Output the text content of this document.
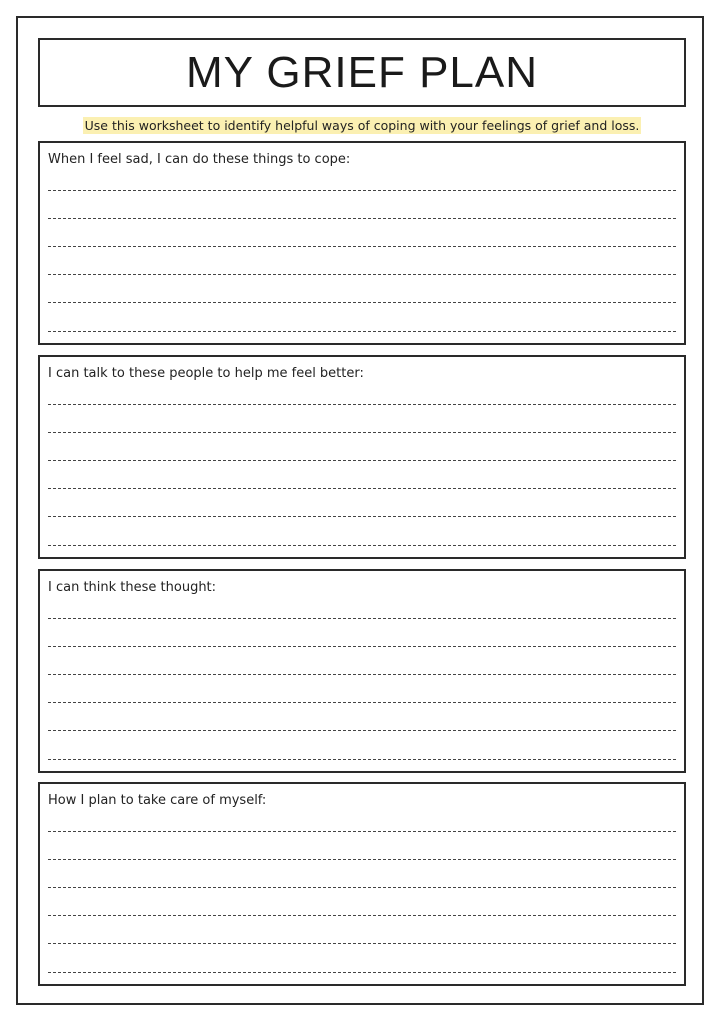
MY GRIEF PLAN
Use this worksheet to identify helpful ways of coping with your feelings of grief and loss.
When I feel sad, I can do these things to cope:
I can talk to these people to help me feel better:
I can think these thought:
How I plan to take care of myself:
